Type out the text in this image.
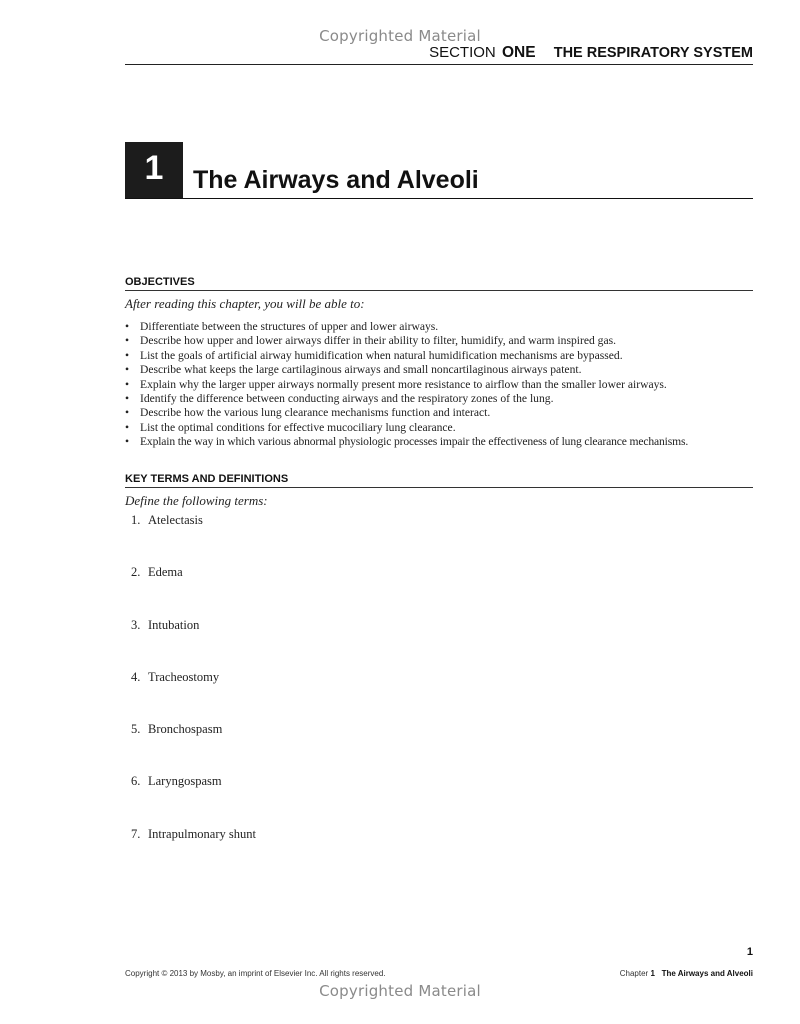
Copyrighted Material
SECTION ONE THE RESPIRATORY SYSTEM
1 The Airways and Alveoli
OBJECTIVES
After reading this chapter, you will be able to:
• Differentiate between the structures of upper and lower airways.
• Describe how upper and lower airways differ in their ability to filter, humidify, and warm inspired gas.
• List the goals of artificial airway humidification when natural humidification mechanisms are bypassed.
• Describe what keeps the large cartilaginous airways and small noncartilaginous airways patent.
• Explain why the larger upper airways normally present more resistance to airflow than the smaller lower airways.
• Identify the difference between conducting airways and the respiratory zones of the lung.
• Describe how the various lung clearance mechanisms function and interact.
• List the optimal conditions for effective mucociliary lung clearance.
• Explain the way in which various abnormal physiologic processes impair the effectiveness of lung clearance mechanisms.
KEY TERMS AND DEFINITIONS
Define the following terms:
1. Atelectasis
2. Edema
3. Intubation
4. Tracheostomy
5. Bronchospasm
6. Laryngospasm
7. Intrapulmonary shunt
1
Copyright © 2013 by Mosby, an imprint of Elsevier Inc. All rights reserved.	Chapter 1 The Airways and Alveoli
Copyrighted Material
